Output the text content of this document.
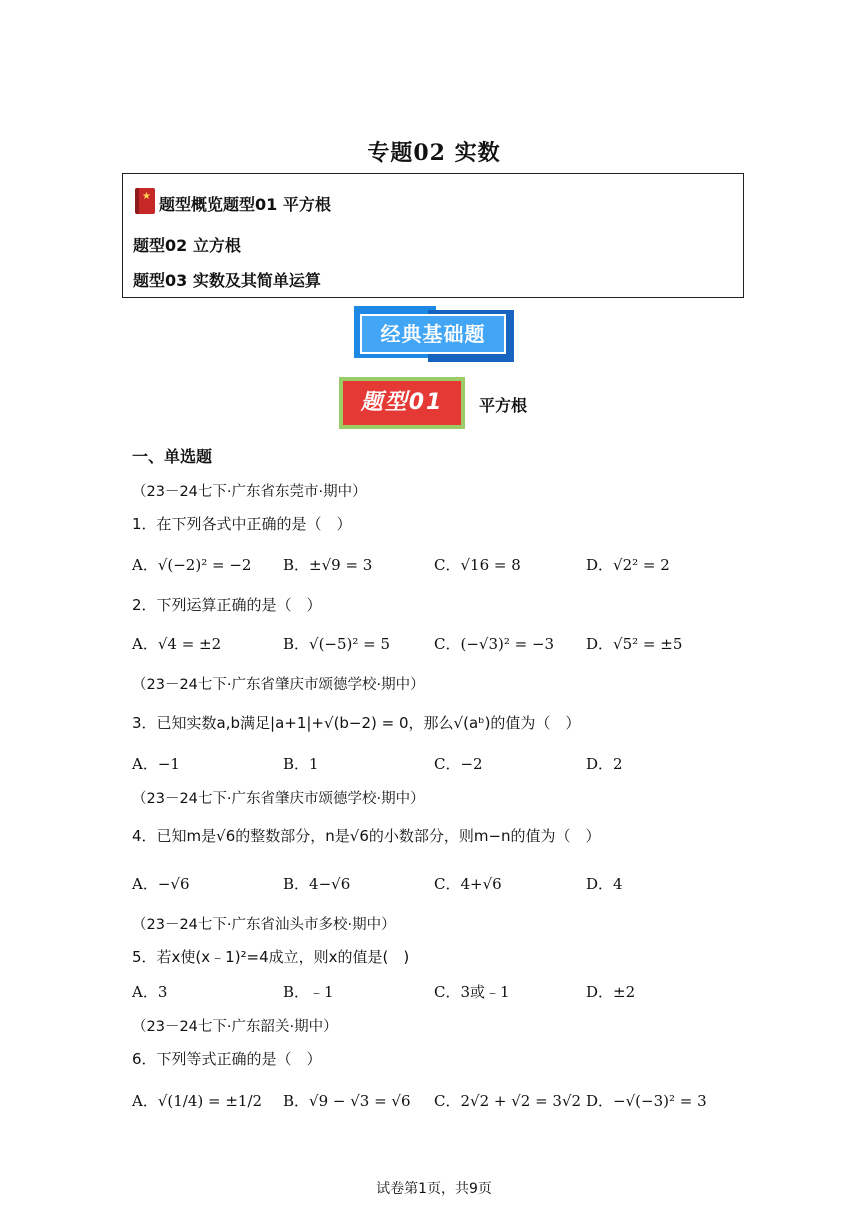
专题02 实数
★
题型概览题型01 平方根
题型02 立方根
题型03 实数及其简单运算
经典基础题
题型01	平方根
一、单选题
（23－24七下·广东省东莞市·期中）
1．在下列各式中正确的是（　）
A．√(−2)² = −2 B．±√9 = 3	C．√16 = 8	D．√2² = 2
2．下列运算正确的是（　）
A．√4 = ±2	B．√(−5)² = 5	C．(−√3)² = −3 D．√5² = ±5
（23－24七下·广东省肇庆市颂德学校·期中）
3．已知实数a,b满足|a+1|+√(b−2) = 0，那么√(aᵇ)的值为（　）
A．−1	B．1	C．−2	D．2
（23－24七下·广东省肇庆市颂德学校·期中）
4．已知m是√6的整数部分，n是√6的小数部分，则m−n的值为（　）
A．−√6	B．4−√6	C．4+√6	D．4
（23－24七下·广东省汕头市多校·期中）
5．若x使(x﹣1)²=4成立，则x的值是(　)
A．3	B．﹣1	C．3或﹣1	D．±2
（23－24七下·广东韶关·期中）
6．下列等式正确的是（　）
A．√(1/4) = ±1/2 B．√9 − √3 = √6 C．2√2 + √2 = 3√2 D．−√(−3)² = 3
试卷第1页，共9页
